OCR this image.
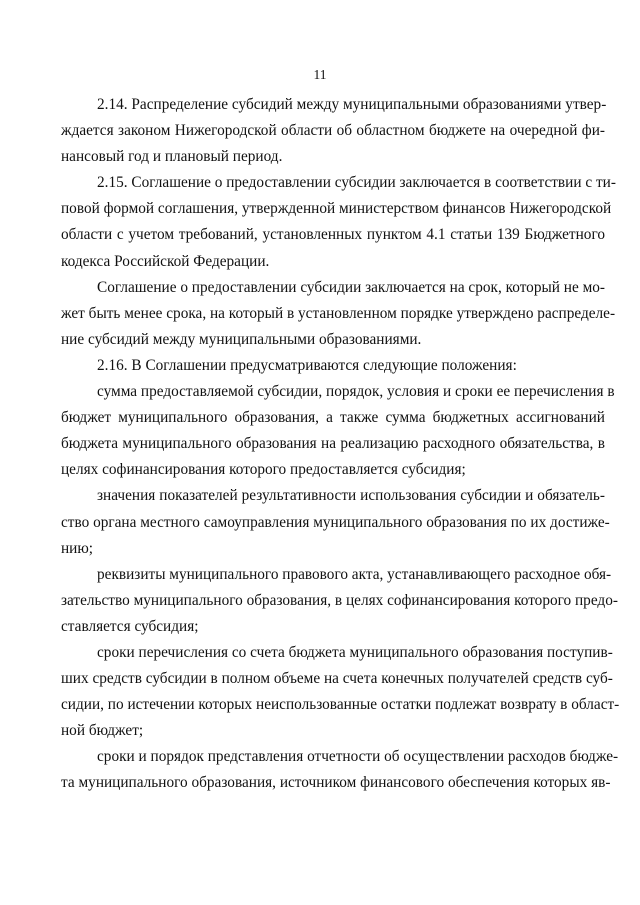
11
2.14. Распределение субсидий между муниципальными образованиями утвер-
ждается законом Нижегородской области об областном бюджете на очередной фи-
нансовый год и плановый период.
2.15. Соглашение о предоставлении субсидии заключается в соответствии с ти-
повой формой соглашения, утвержденной министерством финансов Нижегородской
области с учетом требований, установленных пунктом 4.1 статьи 139 Бюджетного
кодекса Российской Федерации.
Соглашение о предоставлении субсидии заключается на срок, который не мо-
жет быть менее срока, на который в установленном порядке утверждено распределе-
ние субсидий между муниципальными образованиями.
2.16. В Соглашении предусматриваются следующие положения:
сумма предоставляемой субсидии, порядок, условия и сроки ее перечисления в
бюджет муниципального образования, а также сумма бюджетных ассигнований
бюджета муниципального образования на реализацию расходного обязательства, в
целях софинансирования которого предоставляется субсидия;
значения показателей результативности использования субсидии и обязатель-
ство органа местного самоуправления муниципального образования по их достиже-
нию;
реквизиты муниципального правового акта, устанавливающего расходное обя-
зательство муниципального образования, в целях софинансирования которого предо-
ставляется субсидия;
сроки перечисления со счета бюджета муниципального образования поступив-
ших средств субсидии в полном объеме на счета конечных получателей средств суб-
сидии, по истечении которых неиспользованные остатки подлежат возврату в област-
ной бюджет;
сроки и порядок представления отчетности об осуществлении расходов бюдже-
та муниципального образования, источником финансового обеспечения которых яв-
